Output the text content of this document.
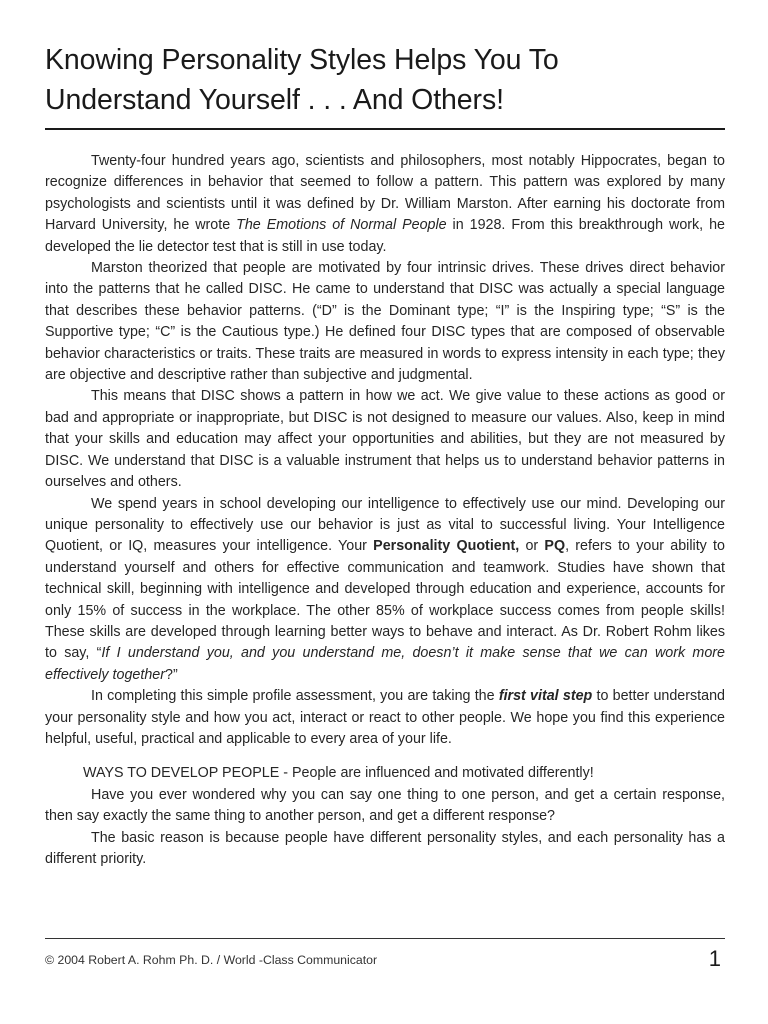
Knowing Personality Styles Helps You To
Understand Yourself . . . And Others!

Twenty-four hundred years ago, scientists and philosophers, most notably Hippocrates, began to recognize differences in behavior that seemed to follow a pattern. This pattern was explored by many psychologists and scientists until it was defined by Dr. William Marston. After earning his doctorate from Harvard University, he wrote The Emotions of Normal People in 1928. From this breakthrough work, he developed the lie detector test that is still in use today.

Marston theorized that people are motivated by four intrinsic drives. These drives direct behavior into the patterns that he called DISC. He came to understand that DISC was actually a special language that describes these behavior patterns. (“D” is the Dominant type; “I” is the Inspiring type; “S” is the Supportive type; “C” is the Cautious type.) He defined four DISC types that are composed of observable behavior characteristics or traits. These traits are measured in words to express intensity in each type; they are objective and descriptive rather than subjective and judgmental.

This means that DISC shows a pattern in how we act. We give value to these actions as good or bad and appropriate or inappropriate, but DISC is not designed to measure our values. Also, keep in mind that your skills and education may affect your opportunities and abilities, but they are not measured by DISC. We understand that DISC is a valuable instrument that helps us to understand behavior patterns in ourselves and others.

We spend years in school developing our intelligence to effectively use our mind. Developing our unique personality to effectively use our behavior is just as vital to successful living. Your Intelligence Quotient, or IQ, measures your intelligence. Your Personality Quotient, or PQ, refers to your ability to understand yourself and others for effective communication and teamwork. Studies have shown that technical skill, beginning with intelligence and developed through education and experience, accounts for only 15% of success in the workplace. The other 85% of workplace success comes from people skills! These skills are developed through learning better ways to behave and interact. As Dr. Robert Rohm likes to say, “If I understand you, and you understand me, doesn’t it make sense that we can work more effectively together?”

In completing this simple profile assessment, you are taking the first vital step to better understand your personality style and how you act, interact or react to other people. We hope you find this experience helpful, useful, practical and applicable to every area of your life.

WAYS TO DEVELOP PEOPLE - People are influenced and motivated differently!

Have you ever wondered why you can say one thing to one person, and get a certain response, then say exactly the same thing to another person, and get a different response?

The basic reason is because people have different personality styles, and each personality has a different priority.

© 2004 Robert A. Rohm Ph. D. / World -Class Communicator	1
